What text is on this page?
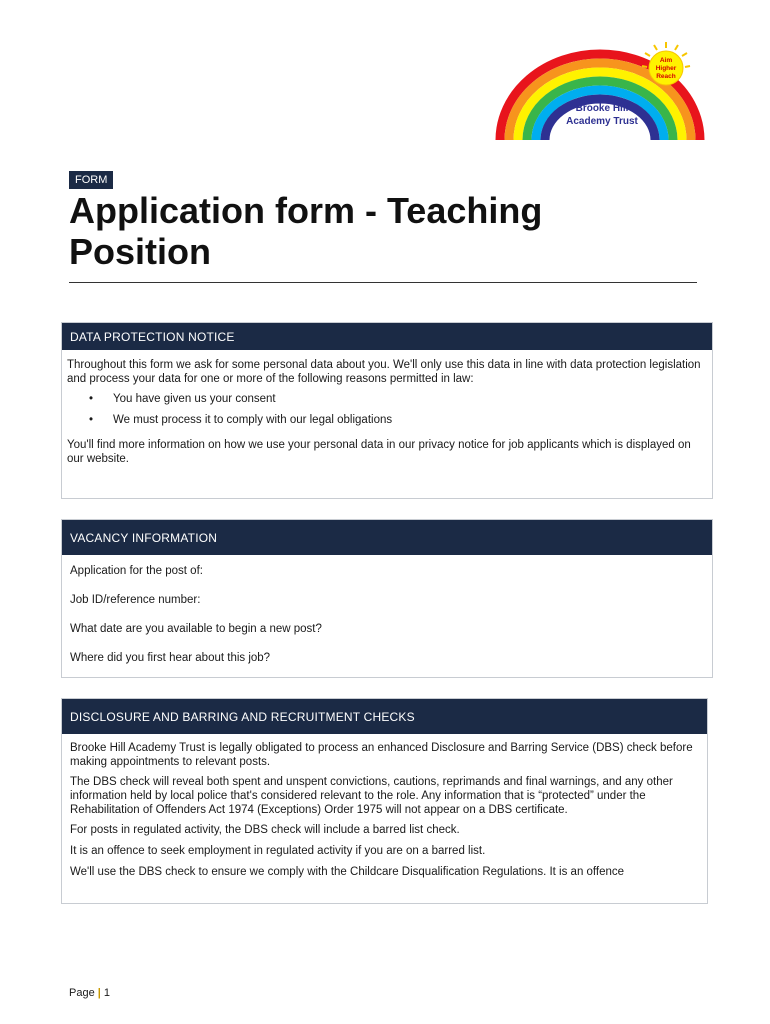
Aim
Higher
Reach
Brooke Hill
Academy Trust
FORM
Application form - Teaching Position
DATA PROTECTION NOTICE

Throughout this form we ask for some personal data about you. We'll only use this data in line with data protection legislation and process your data for one or more of the following reasons permitted in law:

• You have given us your consent
• We must process it to comply with our legal obligations

You'll find more information on how we use your personal data in our privacy notice for job applicants which is displayed on our website.

VACANCY INFORMATION
Application for the post of:
Job ID/reference number:
What date are you available to begin a new post?
Where did you first hear about this job?
DISCLOSURE AND BARRING AND RECRUITMENT CHECKS

Brooke Hill Academy Trust is legally obligated to process an enhanced Disclosure and Barring Service (DBS) check before making appointments to relevant posts.

The DBS check will reveal both spent and unspent convictions, cautions, reprimands and final warnings, and any other information held by local police that's considered relevant to the role. Any information that is “protected” under the Rehabilitation of Offenders Act 1974 (Exceptions) Order 1975 will not appear on a DBS certificate.

For posts in regulated activity, the DBS check will include a barred list check.

It is an offence to seek employment in regulated activity if you are on a barred list.

We'll use the DBS check to ensure we comply with the Childcare Disqualification Regulations. It is an offence

Page | 1
